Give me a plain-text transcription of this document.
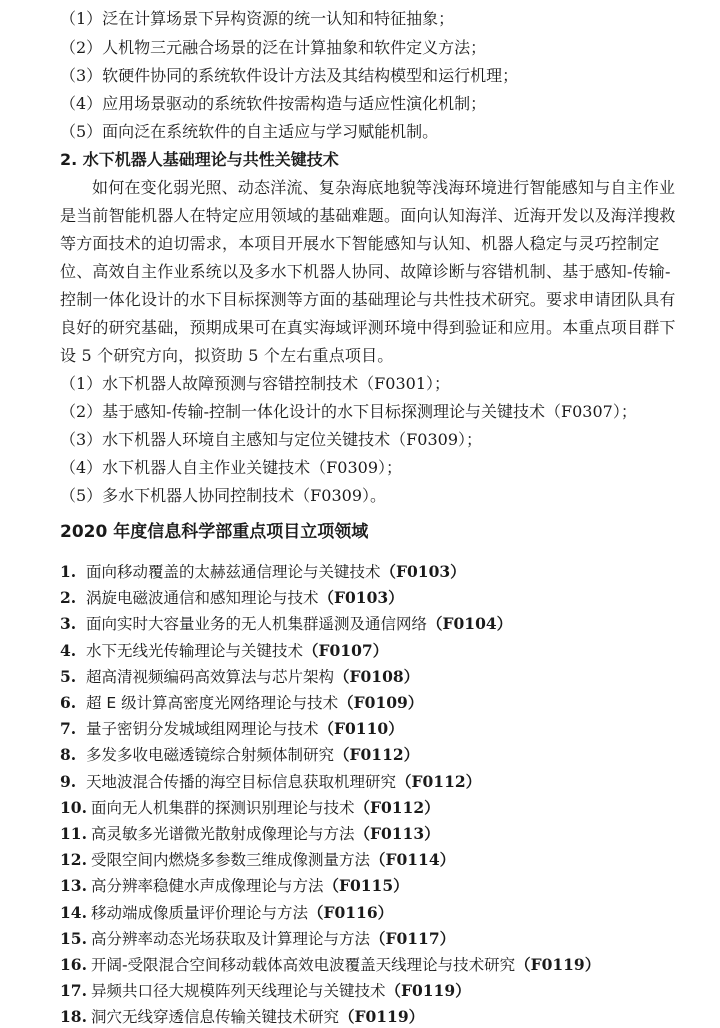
（1）泛在计算场景下异构资源的统一认知和特征抽象；
（2）人机物三元融合场景的泛在计算抽象和软件定义方法；
（3）软硬件协同的系统软件设计方法及其结构模型和运行机理；
（4）应用场景驱动的系统软件按需构造与适应性演化机制；
（5）面向泛在系统软件的自主适应与学习赋能机制。
2. 水下机器人基础理论与共性关键技术
如何在变化弱光照、动态洋流、复杂海底地貌等浅海环境进行智能感知与自主作业
是当前智能机器人在特定应用领域的基础难题。面向认知海洋、近海开发以及海洋搜救
等方面技术的迫切需求，本项目开展水下智能感知与认知、机器人稳定与灵巧控制定
位、高效自主作业系统以及多水下机器人协同、故障诊断与容错机制、基于感知-传输-
控制一体化设计的水下目标探测等方面的基础理论与共性技术研究。要求申请团队具有
良好的研究基础，预期成果可在真实海域评测环境中得到验证和应用。本重点项目群下
设 5 个研究方向，拟资助 5 个左右重点项目。
（1）水下机器人故障预测与容错控制技术（F0301）；
（2）基于感知-传输-控制一体化设计的水下目标探测理论与关键技术（F0307）；
（3）水下机器人环境自主感知与定位关键技术（F0309）；
（4）水下机器人自主作业关键技术（F0309）；
（5）多水下机器人协同控制技术（F0309）。
2020 年度信息科学部重点项目立项领域
1. 面向移动覆盖的太赫兹通信理论与关键技术（F0103）
2. 涡旋电磁波通信和感知理论与技术（F0103）
3. 面向实时大容量业务的无人机集群遥测及通信网络（F0104）
4. 水下无线光传输理论与关键技术（F0107）
5. 超高清视频编码高效算法与芯片架构（F0108）
6. 超 E 级计算高密度光网络理论与技术（F0109）
7. 量子密钥分发城域组网理论与技术（F0110）
8. 多发多收电磁透镜综合射频体制研究（F0112）
9. 天地波混合传播的海空目标信息获取机理研究（F0112）
10. 面向无人机集群的探测识别理论与技术（F0112）
11. 高灵敏多光谱微光散射成像理论与方法（F0113）
12. 受限空间内燃烧多参数三维成像测量方法（F0114）
13. 高分辨率稳健水声成像理论与方法（F0115）
14. 移动端成像质量评价理论与方法（F0116）
15. 高分辨率动态光场获取及计算理论与方法（F0117）
16. 开阔-受限混合空间移动载体高效电波覆盖天线理论与技术研究（F0119）
17. 异频共口径大规模阵列天线理论与关键技术（F0119）
18. 洞穴无线穿透信息传输关键技术研究（F0119）
